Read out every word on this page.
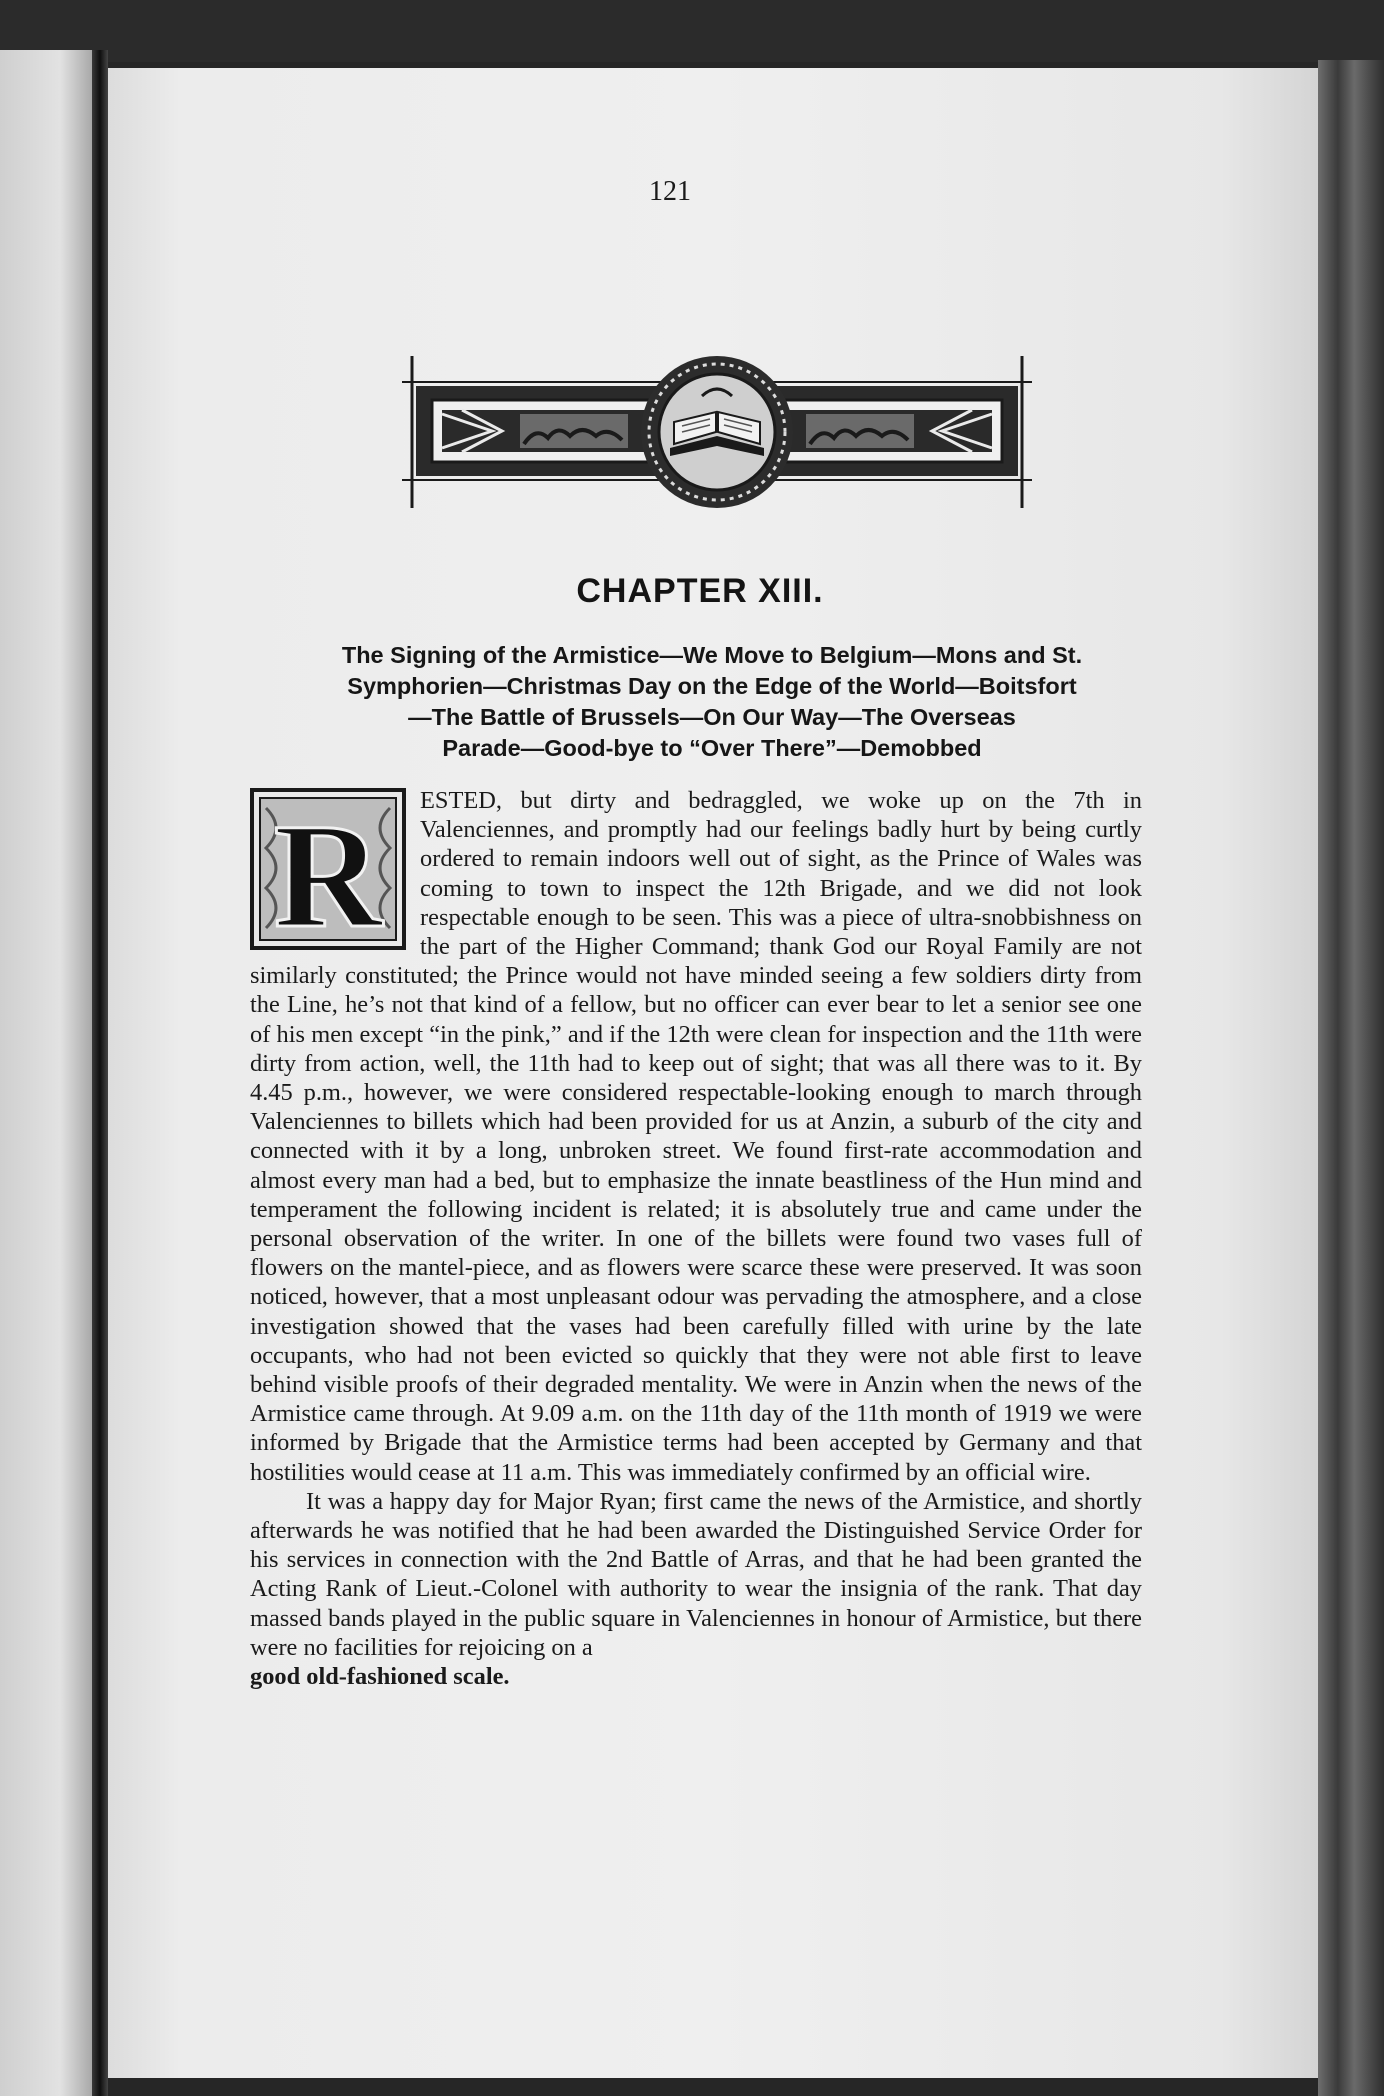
121
CHAPTER XIII.
The Signing of the Armistice—We Move to Belgium—Mons and St.
Symphorien—Christmas Day on the Edge of the World—Boitsfort
—The Battle of Brussels—On Our Way—The Overseas
Parade—Good-bye to “Over There”—Demobbed
R	ESTED, but dirty and bedraggled, we woke up on the 7th in Valenciennes, and promptly had our feelings badly hurt by being curtly ordered to remain indoors well out of sight, as the Prince of Wales was coming to town to inspect the 12th Brigade, and we did not look respectable enough to be seen. This was a piece of ultra-snobbishness on the part of the Higher Command; thank God our Royal Family are not similarly constituted; the Prince would not have minded seeing a few soldiers dirty from the Line, he’s not that kind of a fellow, but no officer can ever bear to let a senior see one of his men except “in the pink,” and if the 12th were clean for inspection and the 11th were dirty from action, well, the 11th had to keep out of sight; that was all there was to it. By 4.45 p.m., however, we were considered respectable-looking enough to march through Valenciennes to billets which had been provided for us at Anzin, a suburb of the city and connected with it by a long, unbroken street. We found first-rate accommodation and almost every man had a bed, but to emphasize the innate beastliness of the Hun mind and temperament the following incident is related; it is absolutely true and came under the personal observation of the writer. In one of the billets were found two vases full of flowers on the mantel-piece, and as flowers were scarce these were preserved. It was soon noticed, however, that a most unpleasant odour was pervading the atmosphere, and a close investigation showed that the vases had been carefully filled with urine by the late occupants, who had not been evicted so quickly that they were not able first to leave behind visible proofs of their degraded mentality. We were in Anzin when the news of the Armistice came through. At 9.09 a.m. on the 11th day of the 11th month of 1919 we were informed by Brigade that the Armistice terms had been accepted by Germany and that hostilities would cease at 11 a.m. This was immediately confirmed by an official wire.

It was a happy day for Major Ryan; first came the news of the Armistice, and shortly afterwards he was notified that he had been awarded the Distinguished Service Order for his services in connection with the 2nd Battle of Arras, and that he had been granted the Acting Rank of Lieut.-Colonel with authority to wear the insignia of the rank. That day massed bands played in the public square in Valenciennes in honour of Armistice, but there were no facilities for rejoicing on a

good old-fashioned scale.
